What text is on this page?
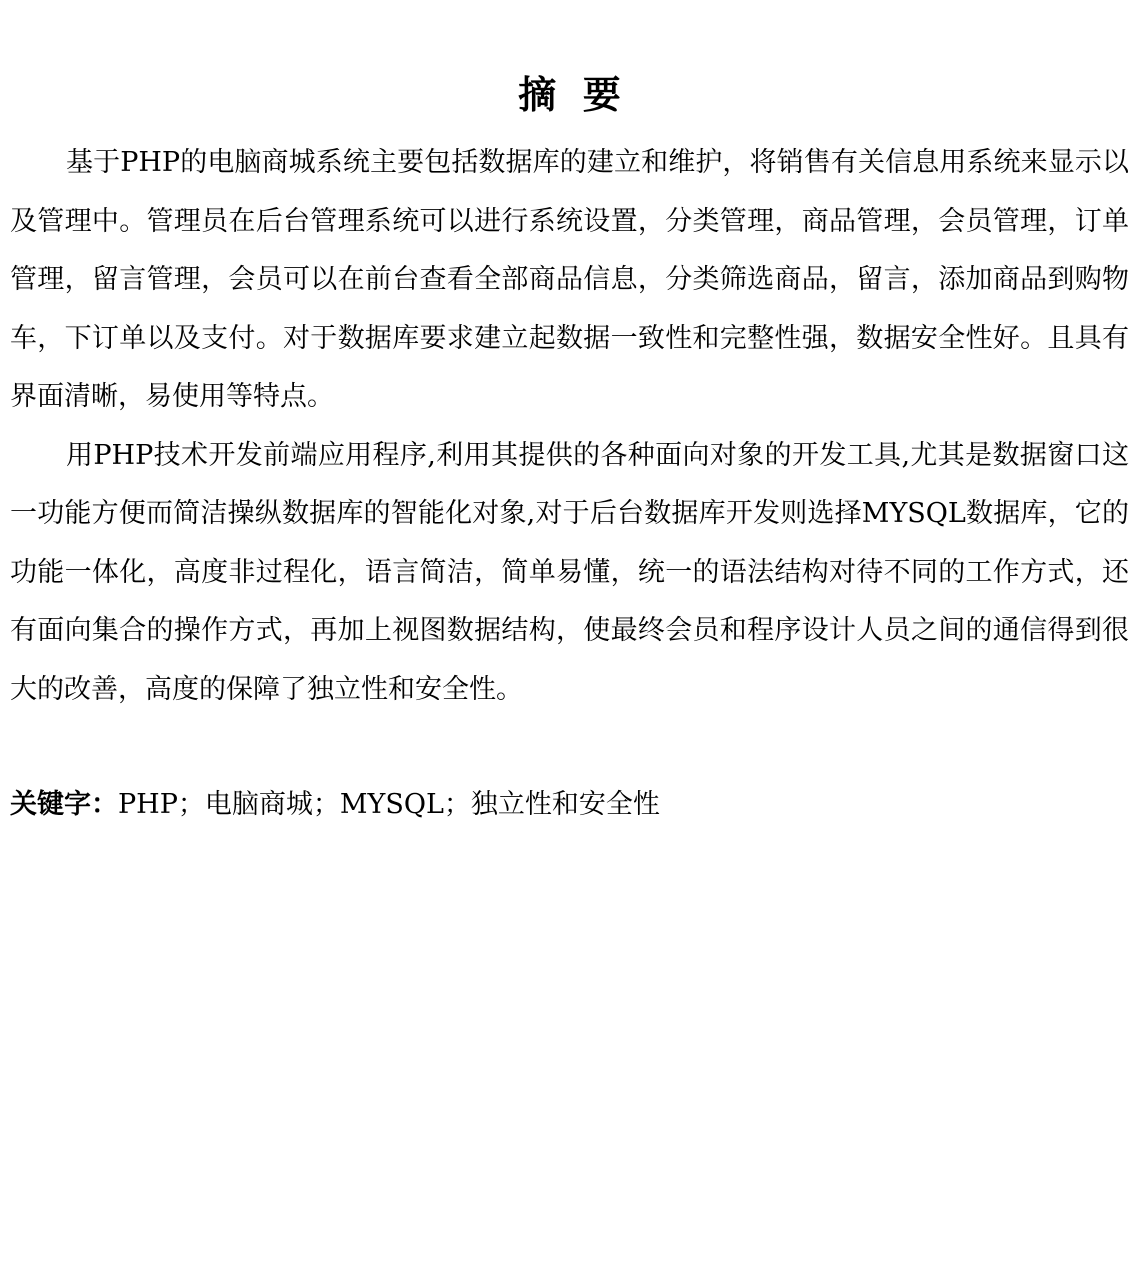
摘  要

基于PHP的电脑商城系统主要包括数据库的建立和维护，将销售有关信息用系统来显示以及管理中。管理员在后台管理系统可以进行系统设置，分类管理，商品管理，会员管理，订单管理，留言管理，会员可以在前台查看全部商品信息，分类筛选商品，留言，添加商品到购物车，下订单以及支付。对于数据库要求建立起数据一致性和完整性强，数据安全性好。且具有界面清晰，易使用等特点。

用PHP技术开发前端应用程序,利用其提供的各种面向对象的开发工具,尤其是数据窗口这一功能方便而简洁操纵数据库的智能化对象,对于后台数据库开发则选择MYSQL数据库，它的功能一体化，高度非过程化，语言简洁，简单易懂，统一的语法结构对待不同的工作方式，还有面向集合的操作方式，再加上视图数据结构，使最终会员和程序设计人员之间的通信得到很大的改善，高度的保障了独立性和安全性。

关键字：PHP；电脑商城；MYSQL；独立性和安全性
